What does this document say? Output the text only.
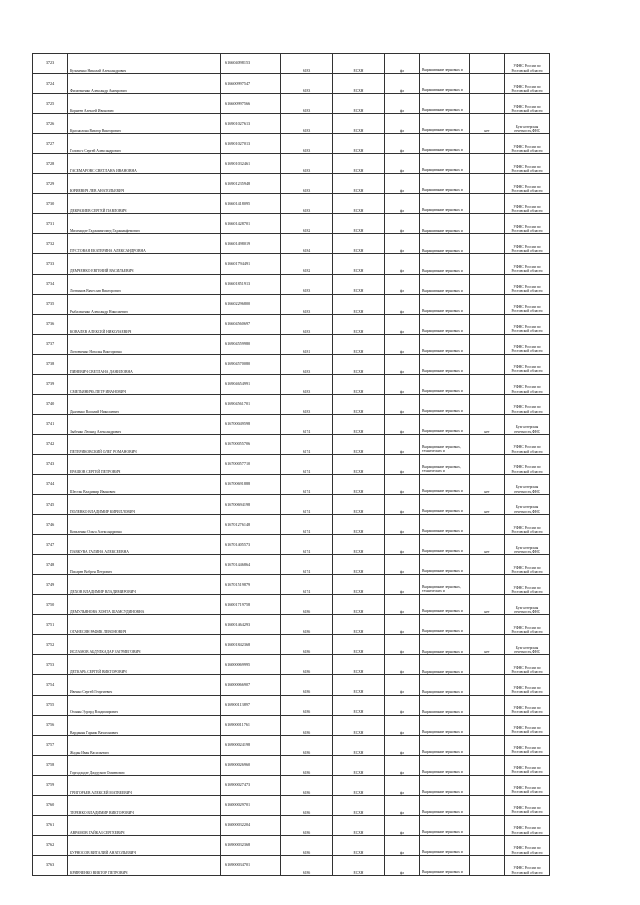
3723	Кузьменко Николай Александрович	616604098153	6183	ЕСХН	фл	Вырашивание зерновых и		УФНС России по Ростовской области
3724	Филатьченко Александр Аничрович	616600997547	6183	ЕСХН	фл	Вырашивание зерновых и		УФНС России по Ростовской области
3725	Корнеев Алексей Ивонович	616600997566	6183	ЕСХН	фл	Вырашивание зерновых и		УФНС России по Ростовской области
3726	Краснолона Виктор Викторович	616901027613	6183	ЕСХН	фл	Выращивание зерновых и	нет	Бухгалтерская отчетность,ФНС
3727	Голова ч Сергей Александрович	616901027013	6183	ЕСХН	фл	Вырашивание зерновых и		УФНС России по Ростовской области
3728	ГАСЕМАРОВС СВЕТЛАНА ИВАНОВНА	616901032461	6183	ЕСХН	фл	Выращивание зерновых и		УФНС России по Ростовской области
3729	ЮРИЕВИЧ ЛЕВ АНАТОЛЬЕВИЧ	616901235948	6183	ЕСХН	фл	Вырашивание зерновых и		УФНС России по Ростовской области
3730	ДЕКРАЗИЕВ СЕРГЕЙ ПАВЛОВИЧ	616601418095	6183	ЕСХН	фл	Выращивание зерновых и		УФНС России по Ростовской области
3731	Михенидзе Гаджимагомед Гаджиакфемович	616601428701	6182	ЕСХН	фл	Вырашивание зерновых и		УФНС России по Ростовской области
3732	ПУСТОВАЯ ЕКАТЕРИНА АЛЕКСАНДРОВНА	616601498019	6184	ЕСХН	фл	Выращивание зерновых и		УФНС России по Ростовской области
3733	ДЕМЧЕНКО ЕВГЕНИЙ ВАСИЛЬЕВИЧ	616601794491	6182	ЕСХН	фл	Выращивание зерновых и		УФНС России по Ростовской области
3734	Литвинов Вячеслав Викторович	616601851913	6183	ЕСХН	фл	Вырашивание зерновых и		УФНС России по Ростовской области
3735	Рыбальченко Александр Николаевич	616602296800	6183	ЕСХН	фл	Выращивание зерновых и		УФНС России по Ростовской области
3736	КОВАЛЕВ АЛЕКСЕЙ НИКОЛАЕВИЧ	616604560697	6183	ЕСХН	фл	Выращивание зерновых и		УФНС России по Ростовской области
3737	Литовченко Наталья Викторовна	616904559980	6181	ЕСХН	фл	Выращивание зерновых и		УФНС России по Ростовской области
3738	ПИНЕВИЧ СВЕТЛАНА ДАНИЛОВНА	616904570080	6183	ЕСХН	фл	Выращивание зерновых и		УФНС России по Ростовской области
3739	СМЕТЬЯНИЧЬ ПЕТР ИВАНОВИЧ	616904654991	6183	ЕСХН	фл	Выращивание зерновых и		УФНС России по Ростовской области
3740	Дьяченко Василий Николаевич	616904561701	6183	ЕСХН	фл	Выращивание зерновых и		УФНС России по Ростовской области
3741	Зыбенко Леонид Александрович	616700049598	6174	ЕСХН	фл	Выращивание зерновых и	нет	Бухгалтерская отчетность,ФНС
3742	ПЕТЕРИКОВСКИЙ ОЛЕГ РОМАНОВИЧ	616700055706	6174	ЕСХН	фл	Выращивание зерновых, технических и		УФНС России по Ростовской области
3743	ЕРАШОВ СЕРГЕЙ ПЕТРОВИЧ	616700057710	6174	ЕСХН	фл	Выращивание зерновых, технических и		УФНС России по Ростовской области
3744	Шестак Владимир Иванович	616700691888	6174	ЕСХН	фл	Выращивание зерновых и	нет	Бухгалтерская отчетность,ФНС
3745	ПОЛЕВКО ВЛАДИМИР КИРИЛЛОВИЧ	616700694198	6174	ЕСХН	фл	Выращивание зерновых и	нет	Бухгалтерская отчетность,ФНС
3746	Коваленко Ольга Александровна	616701276148	6174	ЕСХН	фл	Вырашивание зерновых и		УФНС России по Ростовской области
3747	ПАВКУВА ГАЛИНА АЛЕКСЕЕВНА	616701405573	6174	ЕСХН	фл	Выращивание зерновых и	нет	Бухгалтерская отчетность,ФНС
3748	Писарев Вобрен Петрович	616701446864	6174	ЕСХН	фл	Выращивание зерновых и		УФНС России по Ростовской области
3749	ДЕХОВ ВЛАДИМИР ВЛАДИМИРОВИЧ	616701519879	6174	ЕСХН	фл	Выращивание зерновых, технических и		УФНС России по Ростовской области
3750	ДЕМУЛЬЯНОВА ХОНТА ШАМСУДИНОВНА	616001719758	6186	ЕСХН	фл	Выращивание зерновых и	нет	Бухгалтерская отчетность,ФНС
3751	ОГАНЕСЯН РАФИК ЛЕВОНОВИЧ	616001464293	6186	ЕСХН	фл	Выращивание зерновых и		УФНС России по Ростовской области
3752	ИСЛАМОВ АБДУЛКАДАР ЗАГРИЕГОВИЧ	616001842368	6186	ЕСХН	фл	Выращивание зерновых и	нет	Бухгалтерская отчетность,ФНС
3753	ДЕТКАРЬ СЕРГЕЙ ВИКТОРОВИЧ	616000069995	6186	ЕСХН	фл	Выращивание зерновых и		УФНС России по Ростовской области
3754	Ивенко Сергей Георгиевич	616000066907	6186	ЕСХН	фл	Выращивание зерновых и		УФНС России по Ростовской области
3755	Оганян Эдуард Владимирович	616900113897	6186	ЕСХН	фл	Вырашивание зерновых и		УФНС России по Ростовской области
3756	Варданян Гарник Вачаганович	616900011761	6186	ЕСХН	фл	Выращивание зерновых и		УФНС России по Ростовской области
3757	Жадан Иван Васильевич	616900024198	6186	ЕСХН	фл	Выращивание зерновых и		УФНС России по Ростовской области
3758	Горгадзадзе Джудумов Омиевович	616900026960	6186	ЕСХН	фл	Выращивание зерновых и		УФНС России по Ростовской области
3759	ГРИГОРЬЕВ АЛЕКСЕЙ МАТВЕЕВИЧ	616900027473	6186	ЕСХН	фл	Выращивание зерновых и		УФНС России по Ростовской области
3760	ТЕРЕНКО ВЛАДИМИР ВИКТОРОВИЧ	616000029701	6186	ЕСХН	фл	Выращивание зерновых и		УФНС России по Ростовской области
3761	АВРАМОВ ГАЙКАЗ СЕРГЕЕВИЧ	616000032204	6186	ЕСХН	фл	Выращивание зерновых и		УФНС России по Ростовской области
3762	БУРНОСОВ ВИТАЛИЙ АНАТОЛЬЕВИЧ	616900032368	6186	ЕСХН	фл	Выращивание зерновых и		УФНС России по Ростовской области
3763	КРИВЧЕНКО ВИКТОР ПЕТРОВИЧ	616900034701	6186	ЕСХН	фл	Выращивание зерновых и		УФНС России по Ростовской области
